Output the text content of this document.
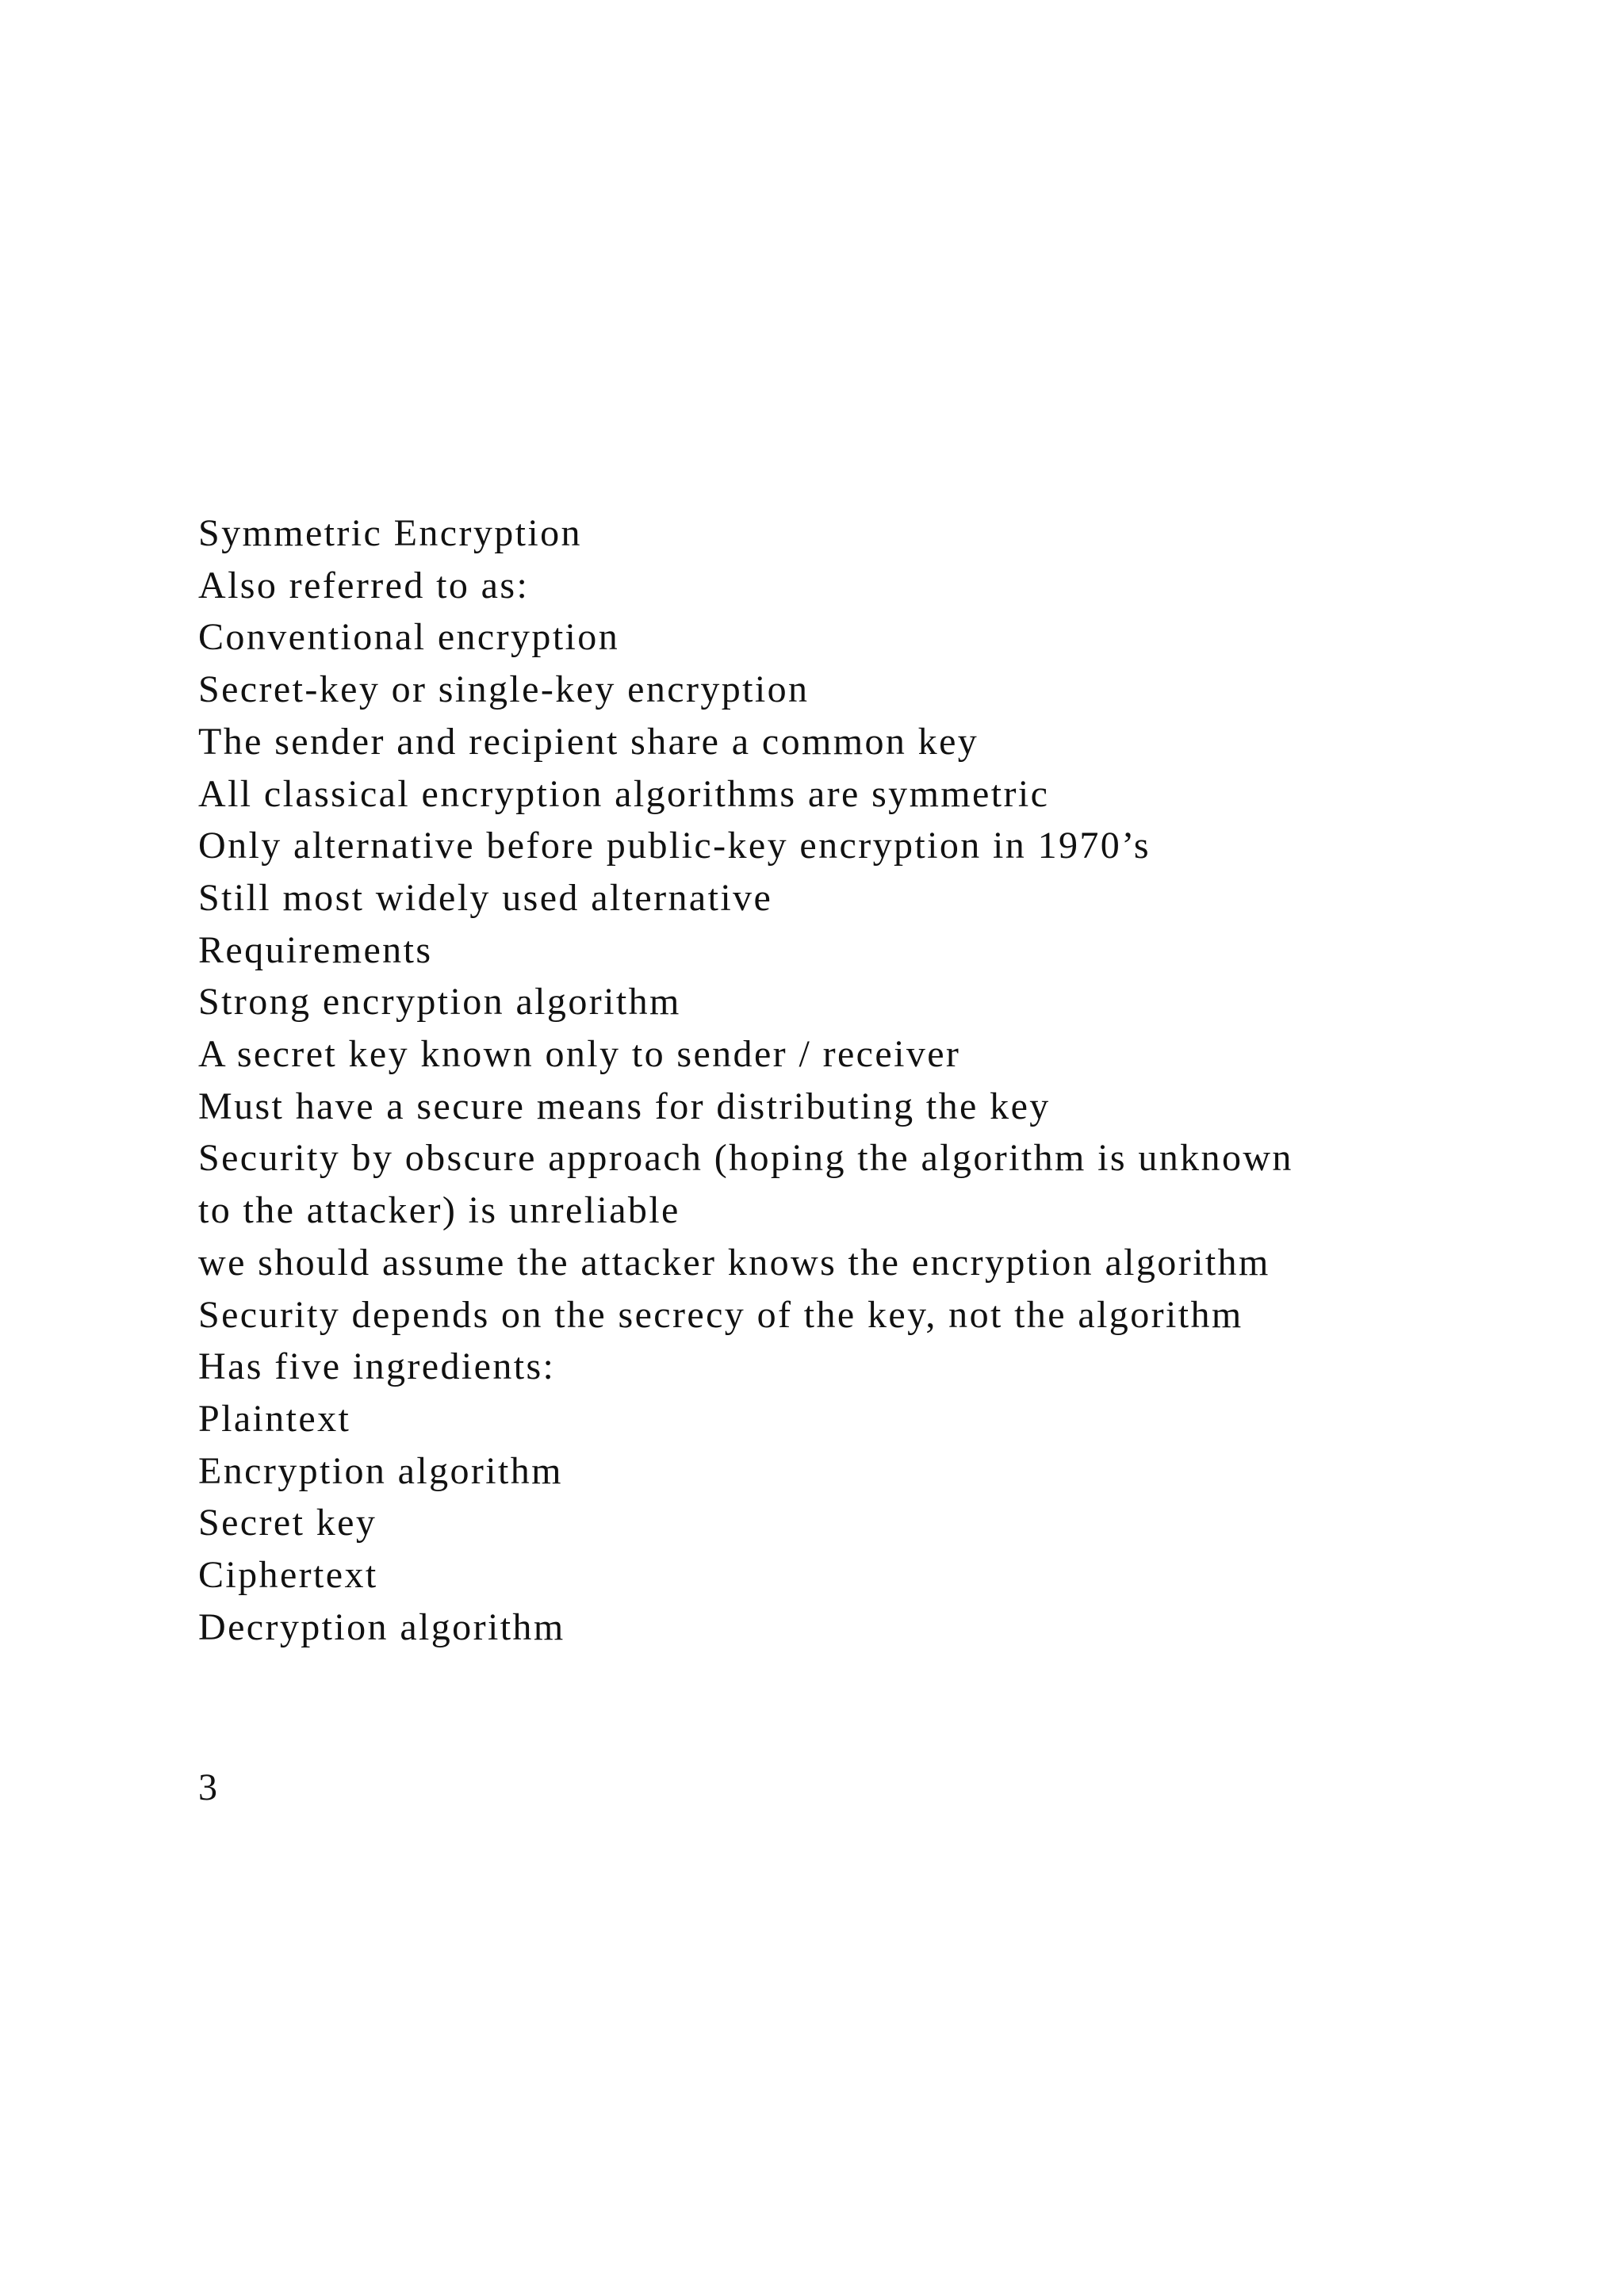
Symmetric Encryption
Also referred to as:
Conventional encryption
Secret-key or single-key encryption
The sender and recipient share a common key
All classical encryption algorithms are symmetric
Only alternative before public-key encryption in 1970’s
Still most widely used alternative
Requirements
Strong encryption algorithm
A secret key known only to sender / receiver
Must have a secure means for distributing the key
Security by obscure approach (hoping the algorithm is unknown
to the attacker) is unreliable
we should assume the attacker knows the encryption algorithm
Security depends on the secrecy of the key, not the algorithm
Has five ingredients:
Plaintext
Encryption algorithm
Secret key
Ciphertext
Decryption algorithm
3
